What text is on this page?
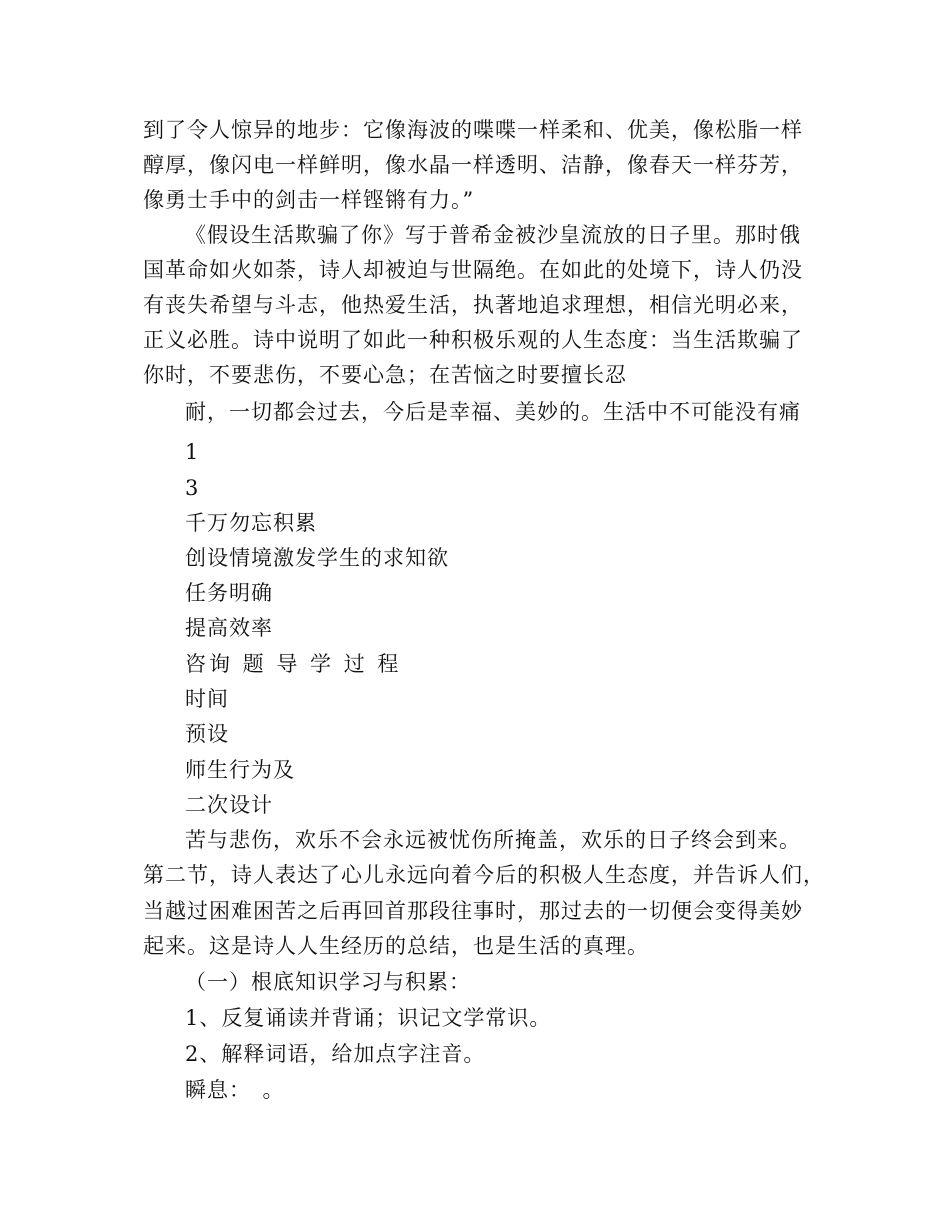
到了令人惊异的地步：它像海波的喋喋一样柔和、优美，像松脂一样
醇厚，像闪电一样鲜明，像水晶一样透明、洁静，像春天一样芬芳，
像勇士手中的剑击一样铿锵有力。”
《假设生活欺骗了你》写于普希金被沙皇流放的日子里。那时俄
国革命如火如荼，诗人却被迫与世隔绝。在如此的处境下，诗人仍没
有丧失希望与斗志，他热爱生活，执著地追求理想，相信光明必来，
正义必胜。诗中说明了如此一种积极乐观的人生态度：当生活欺骗了
你时，不要悲伤，不要心急；在苦恼之时要擅长忍
耐，一切都会过去，今后是幸福、美妙的。生活中不可能没有痛
1
3
千万勿忘积累
创设情境激发学生的求知欲
任务明确
提高效率
咨询 题 导 学 过 程
时间
预设
师生行为及
二次设计
苦与悲伤，欢乐不会永远被忧伤所掩盖，欢乐的日子终会到来。
第二节，诗人表达了心儿永远向着今后的积极人生态度，并告诉人们，
当越过困难困苦之后再回首那段往事时，那过去的一切便会变得美妙
起来。这是诗人人生经历的总结，也是生活的真理。
（一）根底知识学习与积累：
1、反复诵读并背诵；识记文学常识。
2、解释词语，给加点字注音。
瞬息：　。
